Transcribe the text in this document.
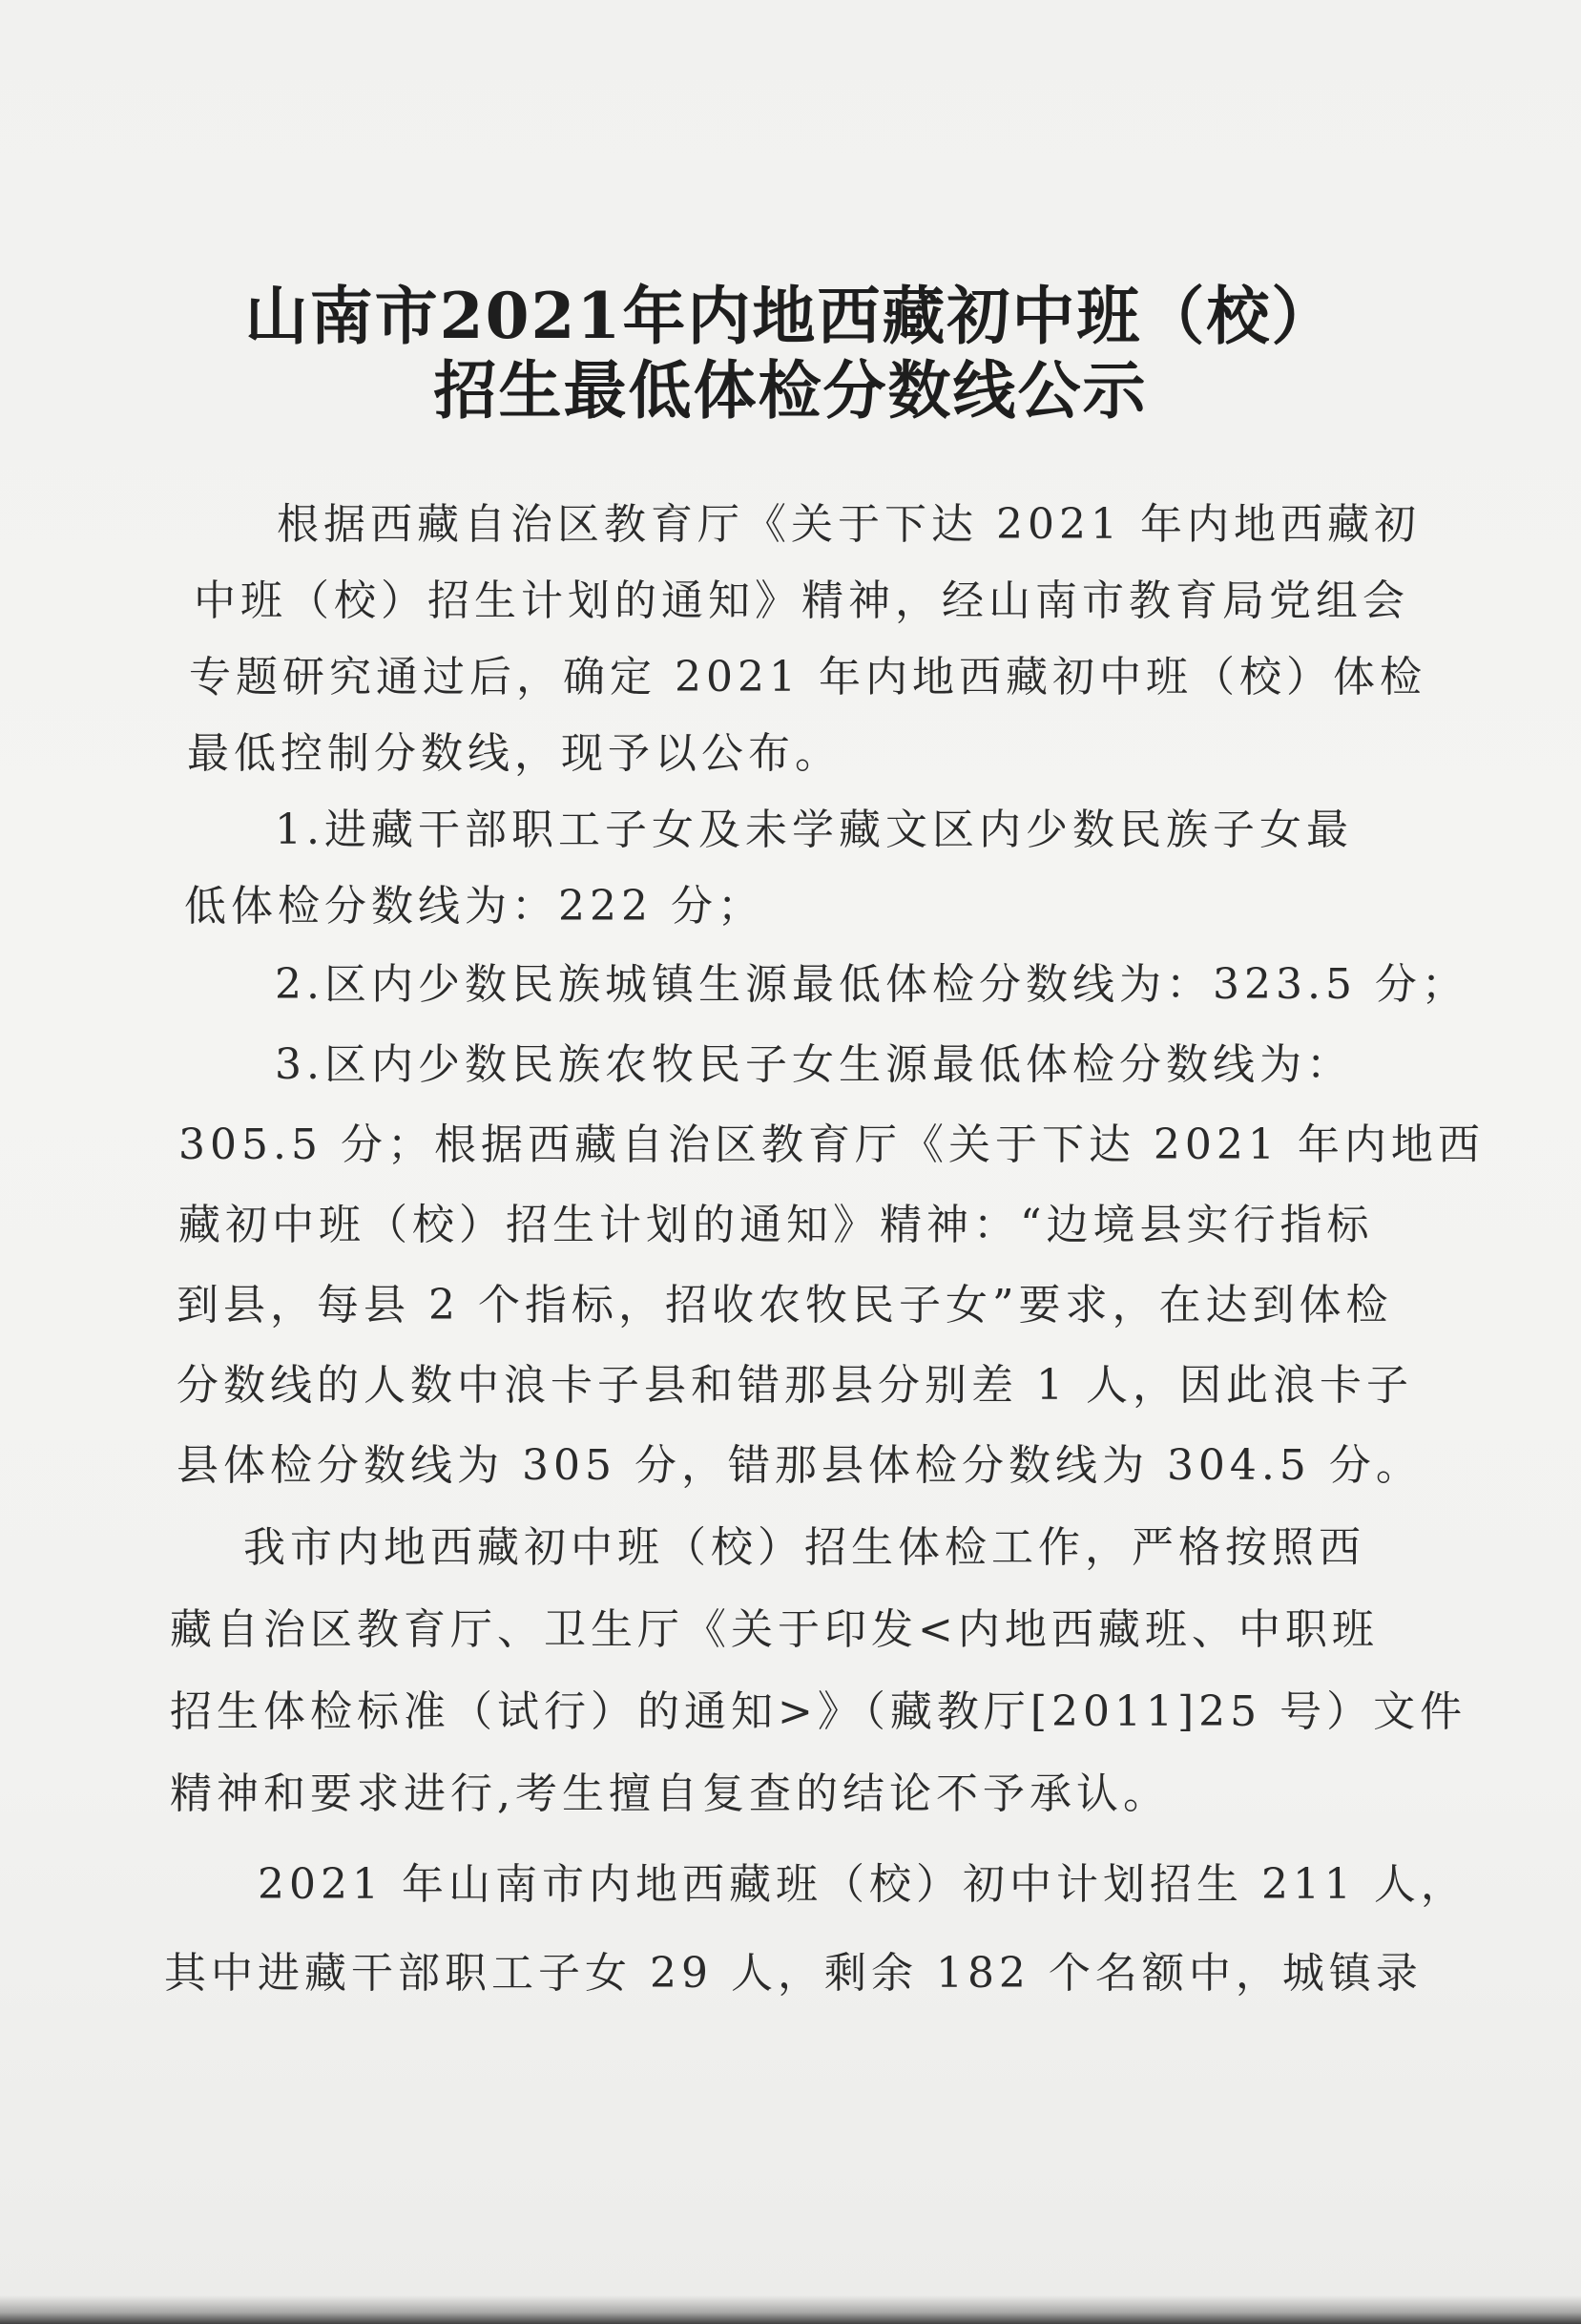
山南市2021年内地西藏初中班（校）
招生最低体检分数线公示

根据西藏自治区教育厅《关于下达 2021 年内地西藏初

中班（校）招生计划的通知》精神，经山南市教育局党组会

专题研究通过后，确定 2021 年内地西藏初中班（校）体检

最低控制分数线，现予以公布。

1.进藏干部职工子女及未学藏文区内少数民族子女最

低体检分数线为：222 分；

2.区内少数民族城镇生源最低体检分数线为：323.5 分；

3.区内少数民族农牧民子女生源最低体检分数线为：

305.5 分；根据西藏自治区教育厅《关于下达 2021 年内地西

藏初中班（校）招生计划的通知》精神：“边境县实行指标

到县，每县 2 个指标，招收农牧民子女”要求，在达到体检

分数线的人数中浪卡子县和错那县分别差 1 人，因此浪卡子

县体检分数线为 305 分，错那县体检分数线为 304.5 分。

我市内地西藏初中班（校）招生体检工作，严格按照西

藏自治区教育厅、卫生厅《关于印发<内地西藏班、中职班

招生体检标准（试行）的通知>》（藏教厅[2011]25 号）文件

精神和要求进行,考生擅自复查的结论不予承认。

2021 年山南市内地西藏班（校）初中计划招生 211 人，

其中进藏干部职工子女 29 人，剩余 182 个名额中，城镇录
